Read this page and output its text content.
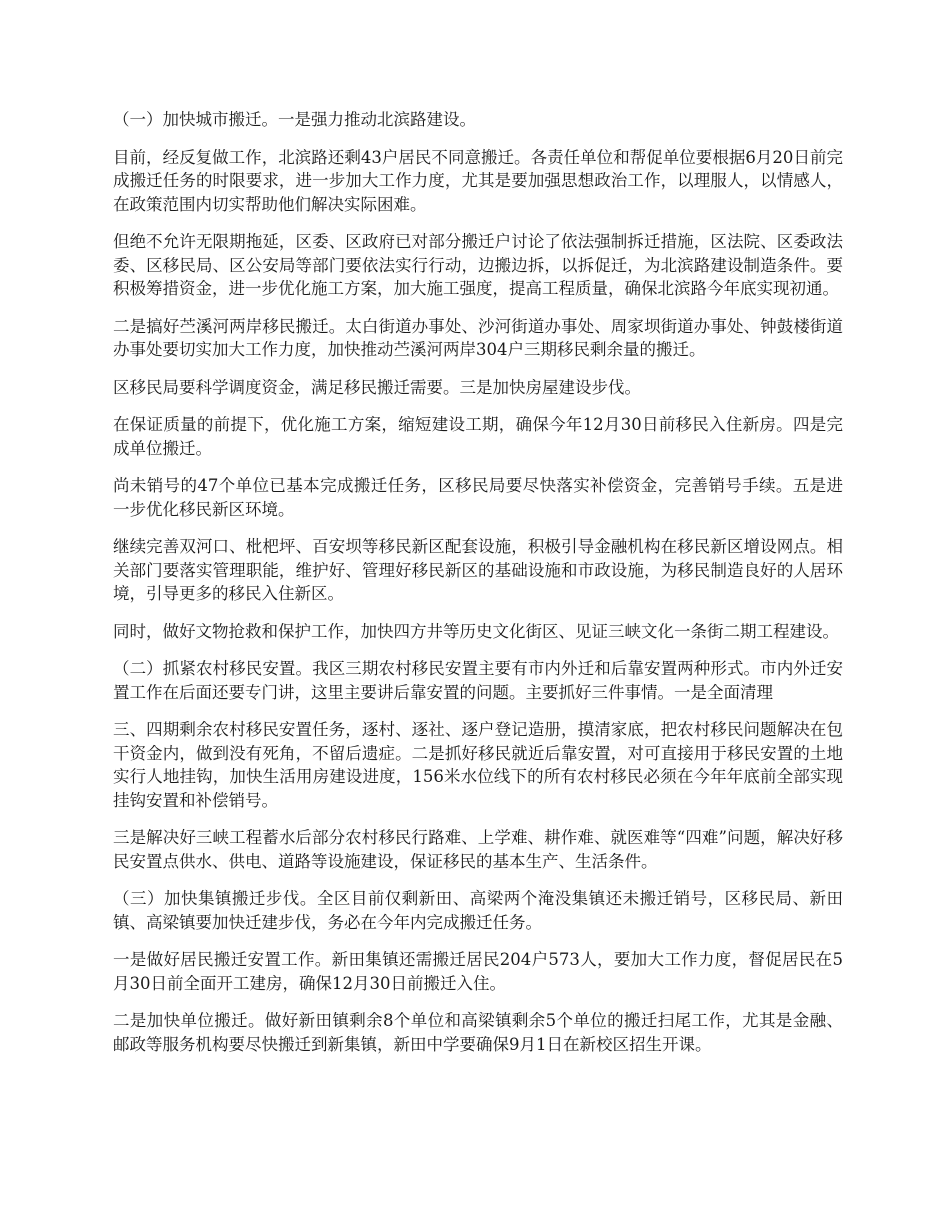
（一）加快城市搬迁。一是强力推动北滨路建设。

目前，经反复做工作，北滨路还剩43户居民不同意搬迁。各责任单位和帮促单位要根据6月20日前完成搬迁任务的时限要求，进一步加大工作力度，尤其是要加强思想政治工作，以理服人，以情感人，在政策范围内切实帮助他们解决实际困难。

但绝不允许无限期拖延，区委、区政府已对部分搬迁户讨论了依法强制拆迁措施，区法院、区委政法委、区移民局、区公安局等部门要依法实行行动，边搬边拆，以拆促迁，为北滨路建设制造条件。要积极筹措资金，进一步优化施工方案，加大施工强度，提高工程质量，确保北滨路今年底实现初通。

二是搞好苎溪河两岸移民搬迁。太白街道办事处、沙河街道办事处、周家坝街道办事处、钟鼓楼街道办事处要切实加大工作力度，加快推动苎溪河两岸304户三期移民剩余量的搬迁。

区移民局要科学调度资金，满足移民搬迁需要。三是加快房屋建设步伐。

在保证质量的前提下，优化施工方案，缩短建设工期，确保今年12月30日前移民入住新房。四是完成单位搬迁。

尚未销号的47个单位已基本完成搬迁任务，区移民局要尽快落实补偿资金，完善销号手续。五是进一步优化移民新区环境。

继续完善双河口、枇杷坪、百安坝等移民新区配套设施，积极引导金融机构在移民新区增设网点。相关部门要落实管理职能，维护好、管理好移民新区的基础设施和市政设施，为移民制造良好的人居环境，引导更多的移民入住新区。

同时，做好文物抢救和保护工作，加快四方井等历史文化街区、见证三峡文化一条街二期工程建设。

（二）抓紧农村移民安置。我区三期农村移民安置主要有市内外迁和后靠安置两种形式。市内外迁安置工作在后面还要专门讲，这里主要讲后靠安置的问题。主要抓好三件事情。一是全面清理

三、四期剩余农村移民安置任务，逐村、逐社、逐户登记造册，摸清家底，把农村移民问题解决在包干资金内，做到没有死角，不留后遗症。二是抓好移民就近后靠安置，对可直接用于移民安置的土地实行人地挂钩，加快生活用房建设进度，156米水位线下的所有农村移民必须在今年年底前全部实现挂钩安置和补偿销号。

三是解决好三峡工程蓄水后部分农村移民行路难、上学难、耕作难、就医难等“四难”问题，解决好移民安置点供水、供电、道路等设施建设，保证移民的基本生产、生活条件。

（三）加快集镇搬迁步伐。全区目前仅剩新田、高梁两个淹没集镇还未搬迁销号，区移民局、新田镇、高梁镇要加快迁建步伐，务必在今年内完成搬迁任务。

一是做好居民搬迁安置工作。新田集镇还需搬迁居民204户573人，要加大工作力度，督促居民在5月30日前全面开工建房，确保12月30日前搬迁入住。

二是加快单位搬迁。做好新田镇剩余8个单位和高梁镇剩余5个单位的搬迁扫尾工作，尤其是金融、邮政等服务机构要尽快搬迁到新集镇，新田中学要确保9月1日在新校区招生开课。
